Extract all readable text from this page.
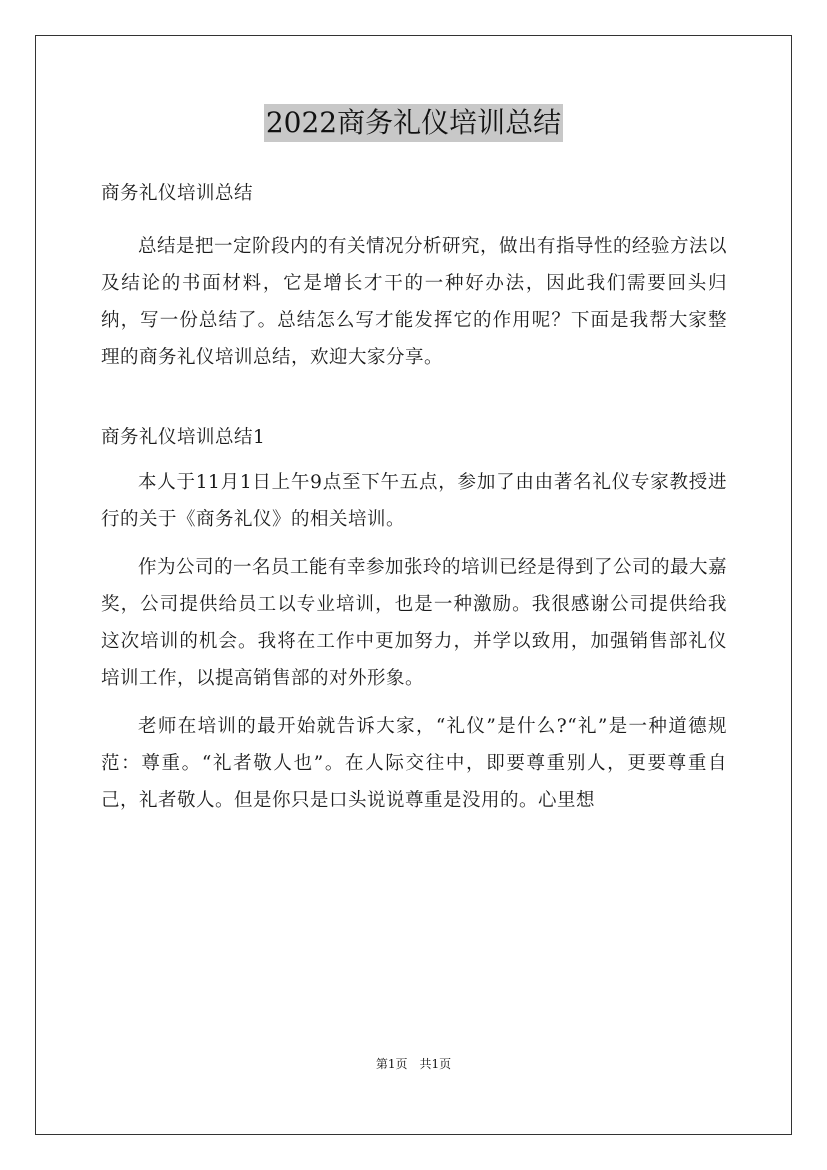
2022商务礼仪培训总结

商务礼仪培训总结

总结是把一定阶段内的有关情况分析研究，做出有指导性的经验方法以及结论的书面材料，它是增长才干的一种好办法，因此我们需要回头归纳，写一份总结了。总结怎么写才能发挥它的作用呢？下面是我帮大家整理的商务礼仪培训总结，欢迎大家分享。

商务礼仪培训总结1

本人于11月1日上午9点至下午五点，参加了由由著名礼仪专家教授进行的关于《商务礼仪》的相关培训。

作为公司的一名员工能有幸参加张玲的培训已经是得到了公司的最大嘉奖，公司提供给员工以专业培训，也是一种激励。我很感谢公司提供给我这次培训的机会。我将在工作中更加努力，并学以致用，加强销售部礼仪培训工作，以提高销售部的对外形象。

老师在培训的最开始就告诉大家，“礼仪”是什么?“礼”是一种道德规范：尊重。“礼者敬人也”。在人际交往中，即要尊重别人，更要尊重自己，礼者敬人。但是你只是口头说说尊重是没用的。心里想

第1页　共1页
